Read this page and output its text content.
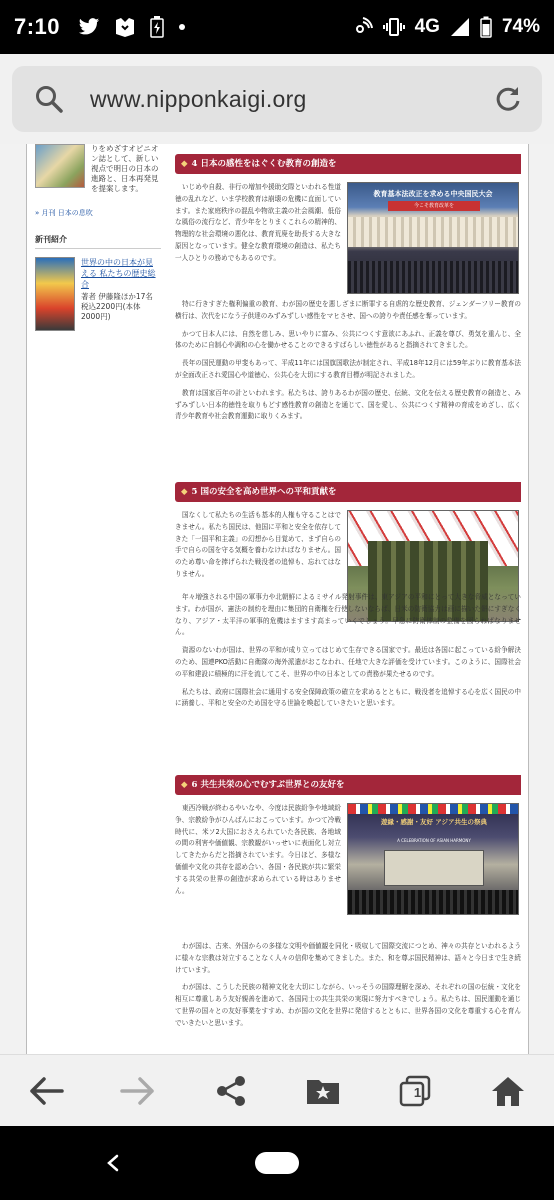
7:10	4G	74%
www.nipponkaigi.org
りをめざすオピニオン誌として、新しい視点で明日の日本の進路と、日本再発見を提案します。
» 月刊 日本の息吹
新刊紹介
世界の中の日本が見える 私たちの歴史総合
著者 伊藤隆ほか17名
税込2200円(本体2000円)
◆ 4 日本の感性をはぐくむ教育の創造を
教育基本法改正を求める中央国民大会
今こそ教育改革を
いじめや自殺、非行の増加や援助交際といわれる性道徳の乱れなど、いま学校教育は崩壊の危機に直面しています。また家庭秩序の混乱や物欲主義の社会風潮、低俗な風俗の流行など、青少年をとりまくこれらの精神的、物理的な社会環境の悪化は、教育荒廃を助長する大きな原因となっています。健全な教育環境の創造は、私たち一人ひとりの務めでもあるのです。
特に行きすぎた権利偏重の教育、わが国の歴史を悪しざまに断罪する自虐的な歴史教育、ジェンダーフリー教育の横行は、次代をになう子供達のみずみずしい感性をマヒさせ、国への誇りや責任感を奪っています。
かつて日本人には、自然を慈しみ、思いやりに富み、公共につくす意欲にあふれ、正義を尊び、勇気を重んじ、全体のために自制心や調和の心を働かせることのできるすばらしい徳性があると指摘されてきました。
長年の国民運動の甲斐もあって、平成11年には国旗国歌法が制定され、平成18年12月には59年ぶりに教育基本法が全面改正され愛国心や道徳心、公共心を大切にする教育目標が明記されました。
教育は国家百年の計といわれます。私たちは、誇りあるわが国の歴史、伝統、文化を伝える歴史教育の創造と、みずみずしい日本的徳性を取りもどす感性教育の創造とを通じて、国を愛し、公共につくす精神の育成をめざし、広く青少年教育や社会教育運動に取りくみます。
◆ 5 国の安全を高め世界への平和貢献を
国なくして私たちの生活も基本的人権も守ることはできません。私たち国民は、他国に平和と安全を依存してきた「一国平和主義」の幻想から目覚めて、まず自らの手で自らの国を守る気概を養わなければなりません。国のため尊い命を捧げられた戦没者の追悼も、忘れてはなりません。
年々増強される中国の軍事力や北朝鮮によるミサイル発射事件は、東アジアの平和にとって大きな脅威となっています。わが国が、憲法の制約を理由に集団的自衛権を行使しないならば、日米の防衛協力は画に描いた餅にすぎなくなり、アジア・太平洋の軍事的危機はますます高まっていくでしょう。早急に防衛体制の整備を図らねばなりません。
資源のないわが国は、世界の平和が成り立ってはじめて生存できる国家です。最近は各国に起こっている紛争解決のため、国連PKO活動に自衛隊の海外派遣がおこなわれ、任地で大きな評価を受けています。このように、国際社会の平和建設に積極的に汗を流してこそ、世界の中の日本としての責務が果たせるのです。
私たちは、政府に国際社会に通用する安全保障政策の確立を求めるとともに、戦没者を追悼する心を広く国民の中に涵養し、平和と安全のため国を守る世論を喚起していきたいと思います。
◆ 6 共生共栄の心でむすぶ世界との友好を
遊縁・感謝・友好 アジア共生の祭典
A CELEBRATION OF ASIAN HARMONY
東西冷戦が終わるやいなや、今度は民族紛争や地域紛争、宗教紛争がひんぱんにおこっています。かつて冷戦時代に、米ソ2大国におさえられていた各民族、各地域の間の利害や価値観、宗教観がいっせいに表面化し対立してきたからだと指摘されています。今日ほど、多様な価値や文化の共存を認め合い、各国・各民族が共に繁栄する共栄の世界の創造が求められている時はありません。
わが国は、古来、外国からの多様な文明や価値観を同化・吸収して国際交流につとめ、神々の共存といわれるように様々な宗教は対立することなく人々の信仰を集めてきました。また、和を尊ぶ国民精神は、語々と今日まで生き続けています。
わが国は、こうした民族の精神文化を大切にしながら、いっそうの国際理解を深め、それぞれの国の伝統・文化を相互に尊重しあう友好親善を進めて、各国同士の共生共栄の実現に努力すべきでしょう。私たちは、国民運動を通じて世界の国々との友好事業をすすめ、わが国の文化を世界に発信するとともに、世界各国の文化を尊重する心を育んでいきたいと思います。
1
